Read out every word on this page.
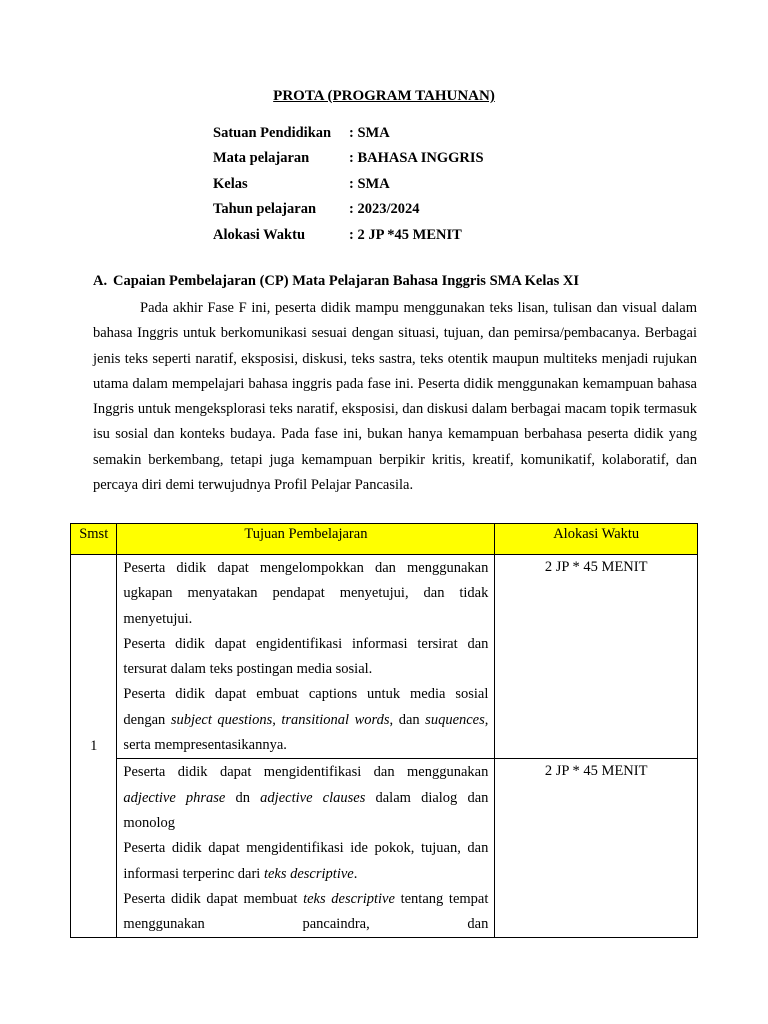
PROTA (PROGRAM TAHUNAN)
Satuan Pendidikan	: SMA
Mata pelajaran	: BAHASA INGGRIS
Kelas	: SMA
Tahun pelajaran	: 2023/2024
Alokasi Waktu	: 2 JP *45 MENIT
A. Capaian Pembelajaran (CP) Mata Pelajaran Bahasa Inggris SMA Kelas XI
Pada akhir Fase F ini, peserta didik mampu menggunakan teks lisan, tulisan dan visual dalam bahasa Inggris untuk berkomunikasi sesuai dengan situasi, tujuan, dan pemirsa/pembacanya. Berbagai jenis teks seperti naratif, eksposisi, diskusi, teks sastra, teks otentik maupun multiteks menjadi rujukan utama dalam mempelajari bahasa inggris pada fase ini. Peserta didik menggunakan kemampuan bahasa Inggris untuk mengeksplorasi teks naratif, eksposisi, dan diskusi dalam berbagai macam topik termasuk isu sosial dan konteks budaya. Pada fase ini, bukan hanya kemampuan berbahasa peserta didik yang semakin berkembang, tetapi juga kemampuan berpikir kritis, kreatif, komunikatif, kolaboratif, dan percaya diri demi terwujudnya Profil Pelajar Pancasila.
Smst	Tujuan Pembelajaran	Alokasi Waktu
1	Peserta didik dapat mengelompokkan dan menggunakan ugkapan menyatakan pendapat menyetujui, dan tidak menyetujui.

Peserta didik dapat engidentifikasi informasi tersirat dan tersurat dalam teks postingan media sosial.

Peserta didik dapat embuat captions untuk media sosial dengan subject questions, transitional words, dan suquences, serta mempresentasikannya.	2 JP * 45 MENIT

	Peserta didik dapat mengidentifikasi dan menggunakan adjective phrase dn adjective clauses dalam dialog dan monolog

Peserta didik dapat mengidentifikasi ide pokok, tujuan, dan informasi terperinc dari teks descriptive.

Peserta didik dapat membuat teks descriptive tentang tempat menggunakan pancaindra, dan	2 JP * 45 MENIT
